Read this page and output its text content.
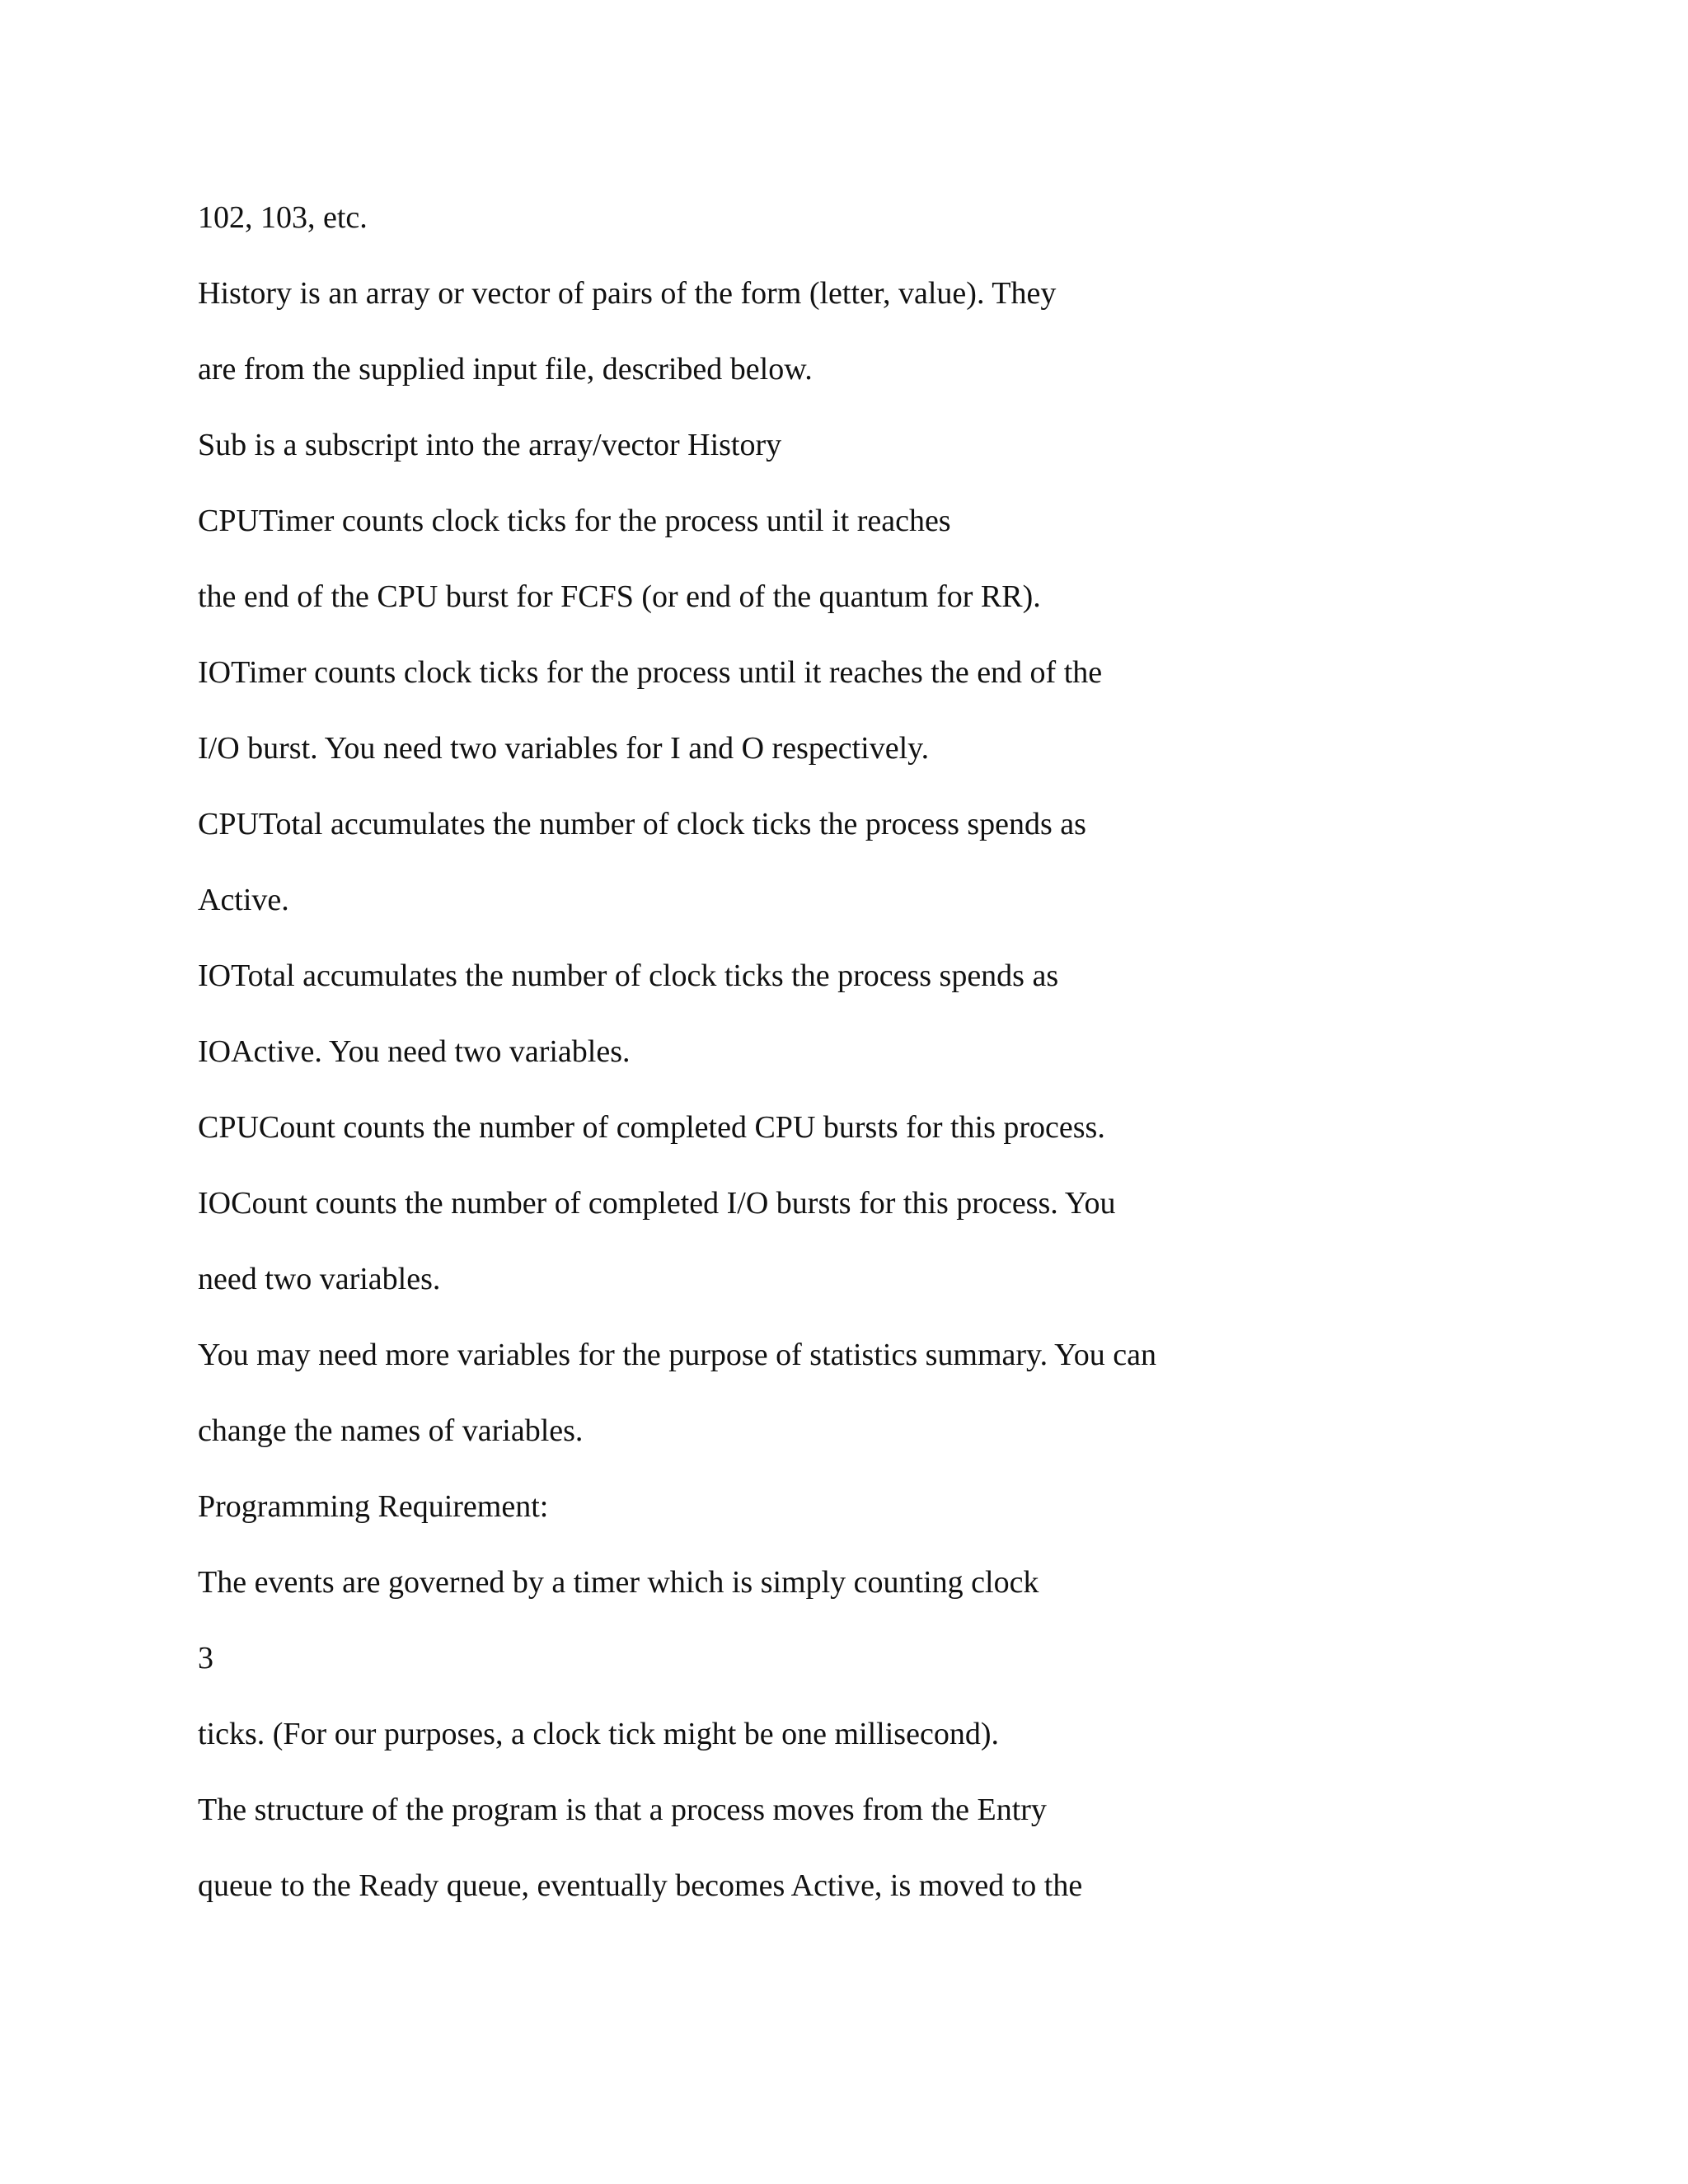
102, 103, etc.

History is an array or vector of pairs of the form (letter, value). They

are from the supplied input file, described below.

Sub is a subscript into the array/vector History

CPUTimer counts clock ticks for the process until it reaches

the end of the CPU burst for FCFS (or end of the quantum for RR).

IOTimer counts clock ticks for the process until it reaches the end of the

I/O burst. You need two variables for I and O respectively.

CPUTotal accumulates the number of clock ticks the process spends as

Active.

IOTotal accumulates the number of clock ticks the process spends as

IOActive. You need two variables.

CPUCount counts the number of completed CPU bursts for this process.

IOCount counts the number of completed I/O bursts for this process. You

need two variables.

You may need more variables for the purpose of statistics summary. You can

change the names of variables.

Programming Requirement:

The events are governed by a timer which is simply counting clock

3

ticks. (For our purposes, a clock tick might be one millisecond).

The structure of the program is that a process moves from the Entry

queue to the Ready queue, eventually becomes Active, is moved to the
